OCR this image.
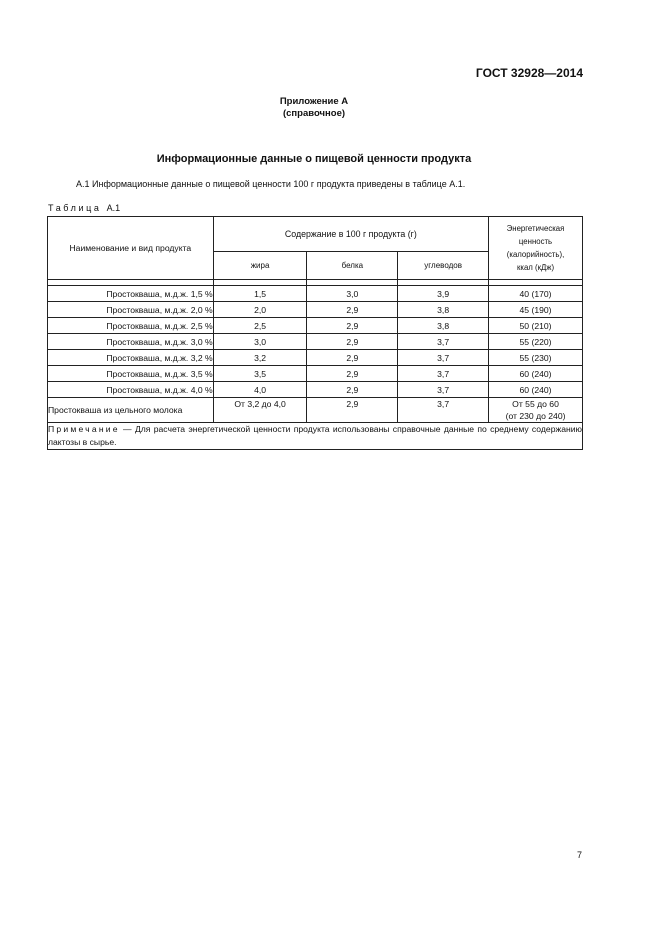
ГОСТ 32928—2014
Приложение А
(справочное)
Информационные данные о пищевой ценности продукта
А.1 Информационные данные о пищевой ценности 100 г продукта приведены в таблице А.1.
Таблица А.1
Наименование и вид продукта	Содержание в 100 г продукта (г)			Энергетическая
ценность
(калорийность),
ккал (кДж)

	жира	белка	углеводов	

Простокваша, м.д.ж. 1,5 %	1,5	3,0	3,9	40 (170)
Простокваша, м.д.ж. 2,0 %	2,0	2,9	3,8	45 (190)
Простокваша, м.д.ж. 2,5 %	2,5	2,9	3,8	50 (210)
Простокваша, м.д.ж. 3,0 %	3,0	2,9	3,7	55 (220)
Простокваша, м.д.ж. 3,2 %	3,2	2,9	3,7	55 (230)
Простокваша, м.д.ж. 3,5 %	3,5	2,9	3,7	60 (240)
Простокваша, м.д.ж. 4,0 %	4,0	2,9	3,7	60 (240)
Простокваша из цельного молока	От 3,2 до 4,0	2,9	3,7	От 55 до 60
(от 230 до 240)

Примечание — Для расчета энергетической ценности продукта использованы справочные данные по среднему содержанию лактозы в сырье.				
7
